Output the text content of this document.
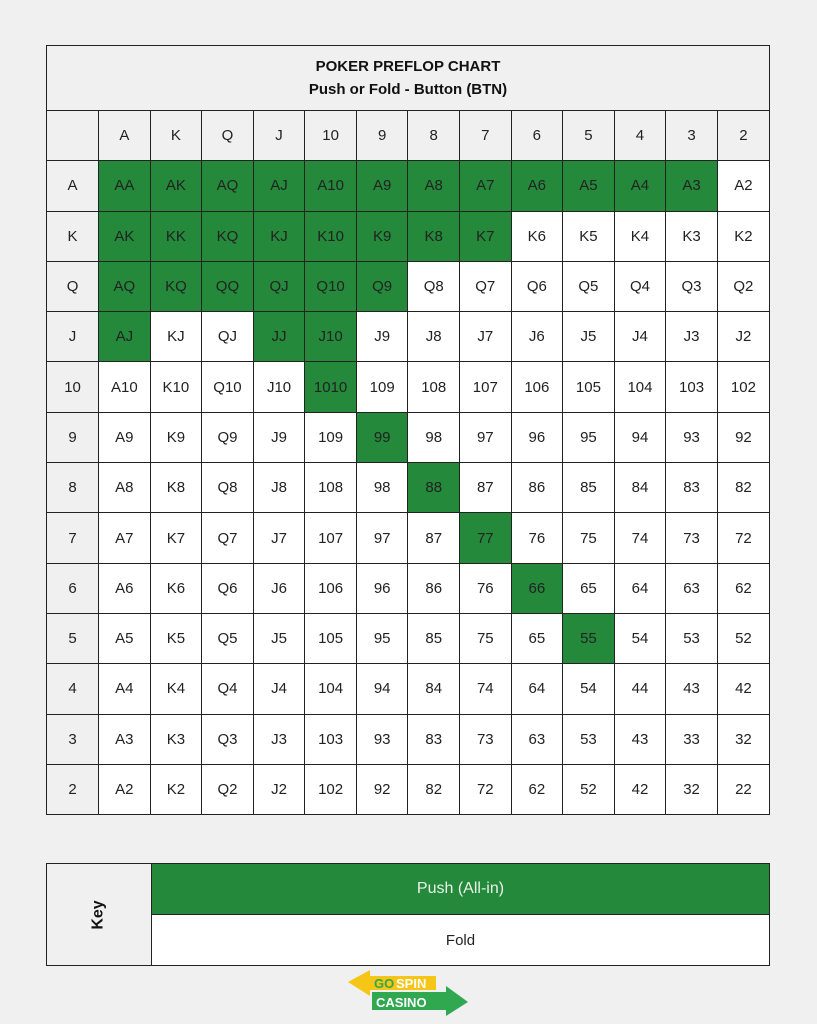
POKER PREFLOP CHART
Push or Fold - Button (BTN)
	A	K	Q	J	10	9	8	7	6	5	4	3	2
A	AA	AK	AQ	AJ	A10	A9	A8	A7	A6	A5	A4	A3	A2
K	AK	KK	KQ	KJ	K10	K9	K8	K7	K6	K5	K4	K3	K2
Q	AQ	KQ	QQ	QJ	Q10	Q9	Q8	Q7	Q6	Q5	Q4	Q3	Q2
J	AJ	KJ	QJ	JJ	J10	J9	J8	J7	J6	J5	J4	J3	J2
10	A10	K10	Q10	J10	1010	109	108	107	106	105	104	103	102
9	A9	K9	Q9	J9	109	99	98	97	96	95	94	93	92
8	A8	K8	Q8	J8	108	98	88	87	86	85	84	83	82
7	A7	K7	Q7	J7	107	97	87	77	76	75	74	73	72
6	A6	K6	Q6	J6	106	96	86	76	66	65	64	63	62
5	A5	K5	Q5	J5	105	95	85	75	65	55	54	53	52
4	A4	K4	Q4	J4	104	94	84	74	64	54	44	43	42
3	A3	K3	Q3	J3	103	93	83	73	63	53	43	33	32
2	A2	K2	Q2	J2	102	92	82	72	62	52	42	32	22
Key
Push (All-in)
Fold
GO SPIN
CASINO
